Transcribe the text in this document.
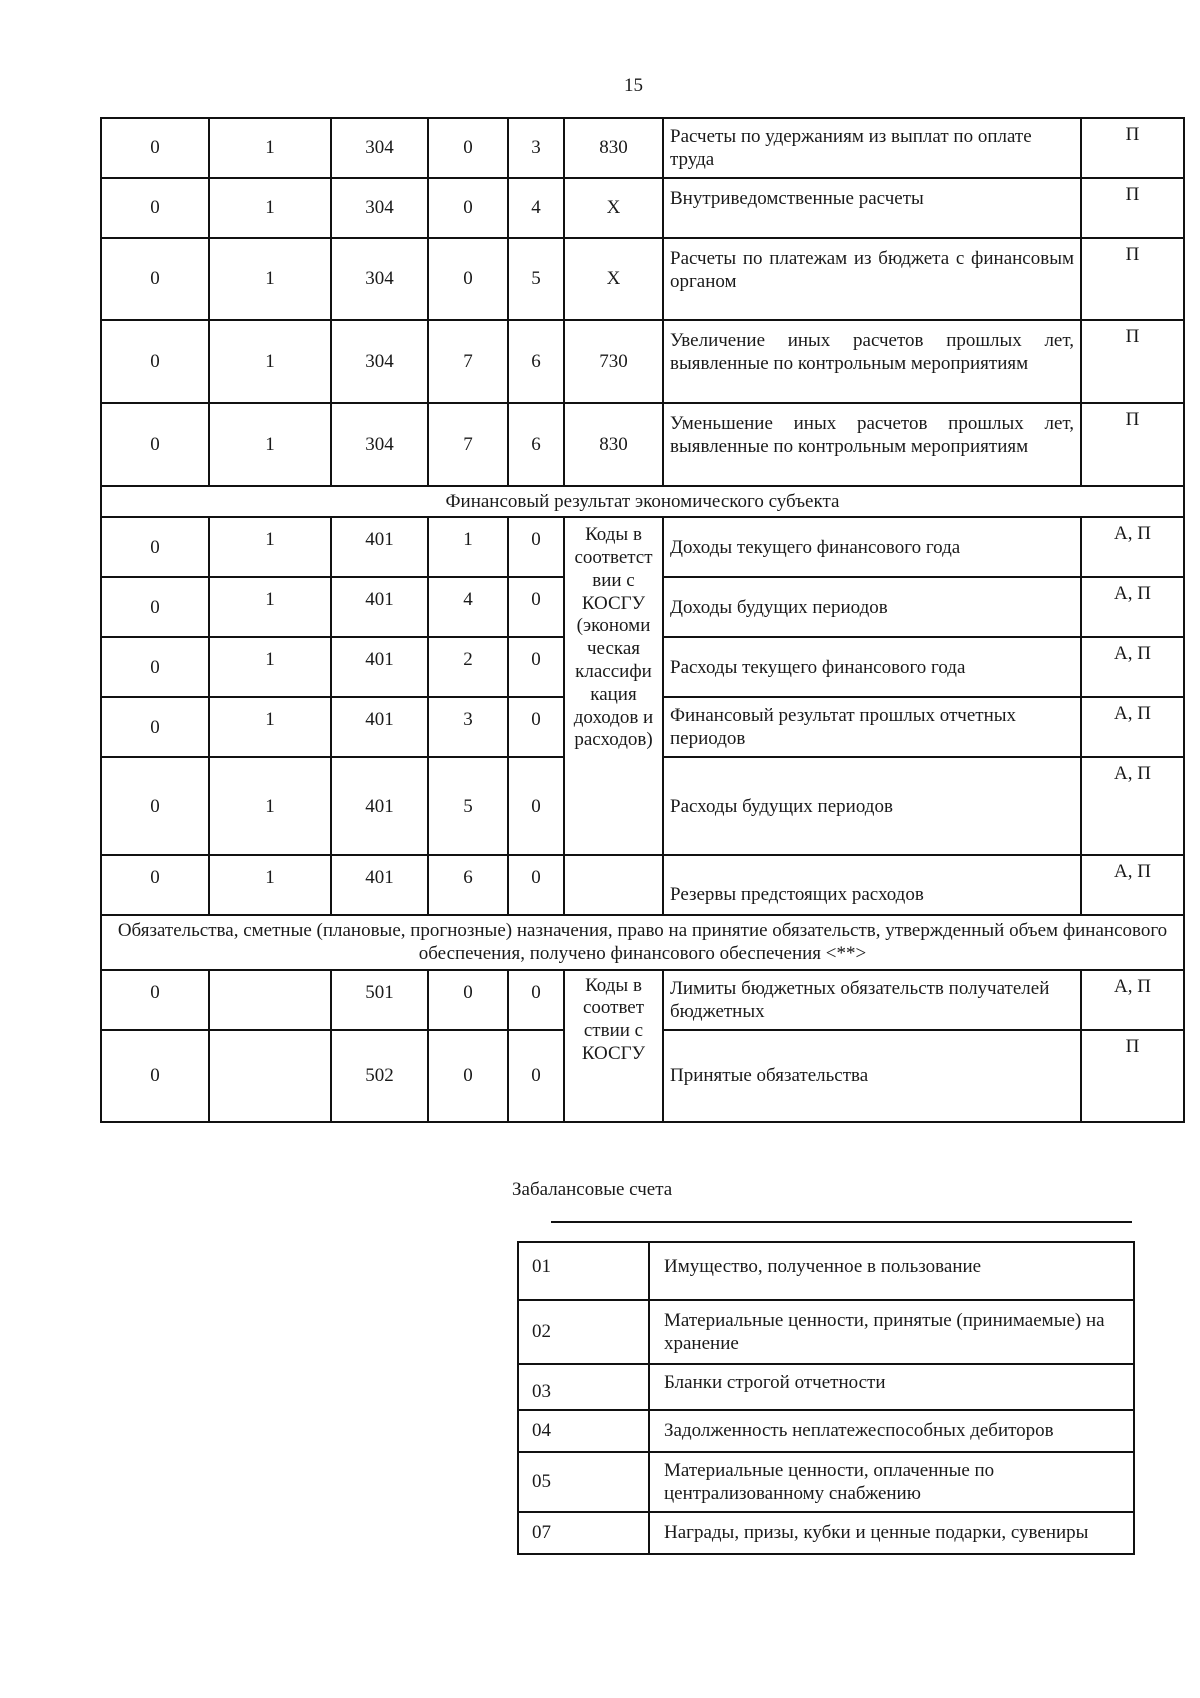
15
0	1	304	0	3	830	Расчеты по удержаниям из выплат по оплате труда	П
0	1	304	0	4	Х	Внутриведомственные расчеты	П
0	1	304	0	5	Х	Расчеты по платежам из бюджета с финансовым органом	П
0	1	304	7	6	730	Увеличение иных расчетов прошлых лет, выявленные по контрольным мероприятиям	П
0	1	304	7	6	830	Уменьшение иных расчетов прошлых лет, выявленные по контрольным мероприятиям	П
Финансовый результат экономического субъекта							
0	1	401	1	0	Коды в соответст вии с КОСГУ (экономи ческая классифи кация доходов и расходов)	Доходы текущего финансового года	А, П
0	1	401	4	0		Доходы будущих периодов	А, П
0	1	401	2	0		Расходы текущего финансового года	А, П
0	1	401	3	0		Финансовый результат прошлых отчетных периодов	А, П
0	1	401	5	0		Расходы будущих периодов	А, П
0	1	401	6	0		Резервы предстоящих расходов	А, П
Обязательства, сметные (плановые, прогнозные) назначения, право на принятие обязательств, утвержденный объем финансового обеспечения, получено финансового обеспечения <**>							
0		501	0	0	Коды в соответ ствии с КОСГУ	Лимиты бюджетных обязательств получателей бюджетных	А, П
0		502	0	0		Принятые обязательства	П
Забалансовые счета
01	Имущество, полученное в пользование
02	Материальные ценности, принятые (принимаемые) на хранение
03	Бланки строгой отчетности
04	Задолженность неплатежеспособных дебиторов
05	Материальные ценности, оплаченные по централизованному снабжению
07	Награды, призы, кубки и ценные подарки, сувениры
